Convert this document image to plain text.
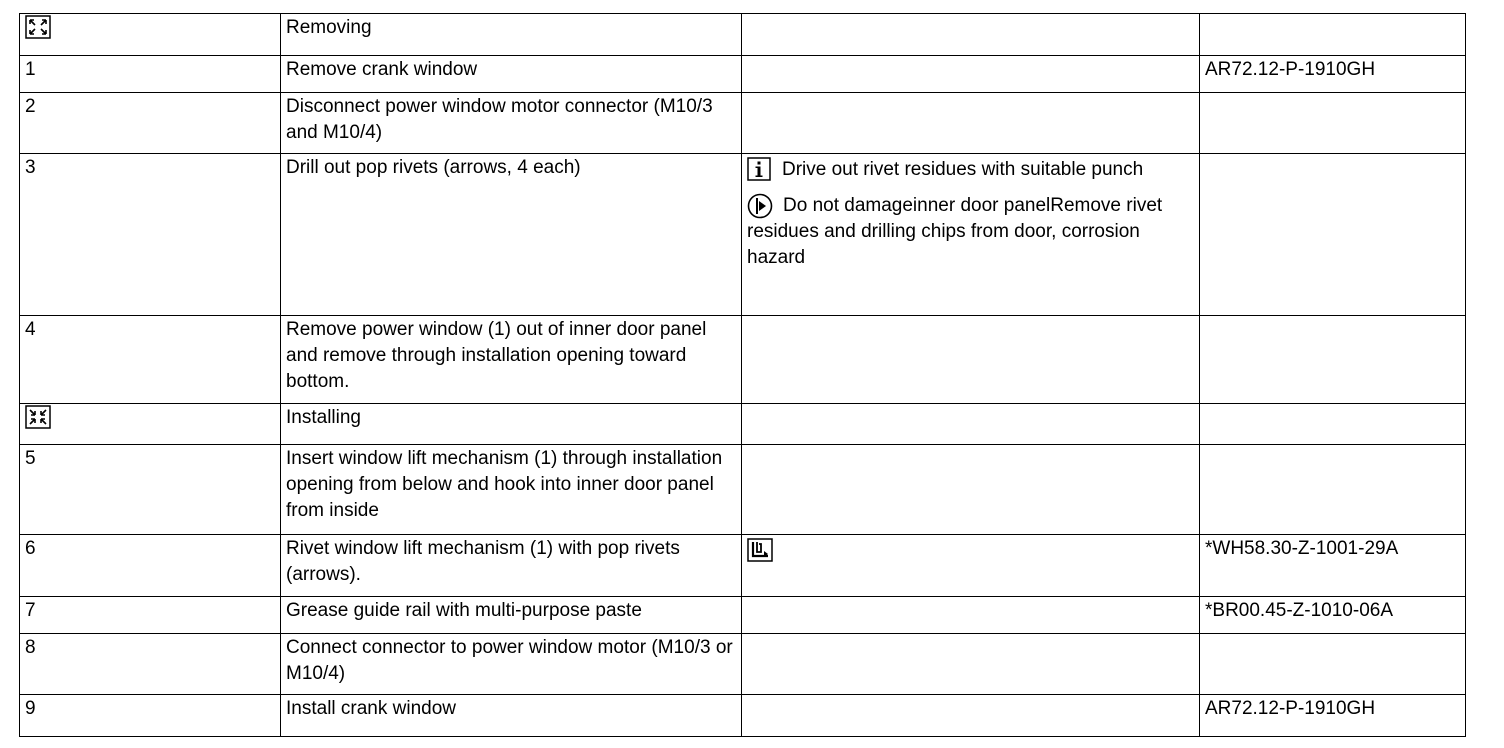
	Removing		
1	Remove crank window		AR72.12-P-1910GH
2	Disconnect power window motor connector (M10/3 and M10/4)		
3	Drill out pop rivets (arrows, 4 each)	Drive out rivet residues with suitable punch
Do not damageinner door panelRemove rivet residues and drilling chips from door, corrosion hazard	

4	Remove power window (1) out of inner door panel and remove through installation opening toward bottom.		
	Installing		
5	Insert window lift mechanism (1) through installation opening from below and hook into inner door panel from inside		
6	Rivet window lift mechanism (1) with pop rivets (arrows).		*WH58.30-Z-1001-29A
7	Grease guide rail with multi-purpose paste		*BR00.45-Z-1010-06A
8	Connect connector to power window motor (M10/3 or M10/4)		
9	Install crank window		AR72.12-P-1910GH
